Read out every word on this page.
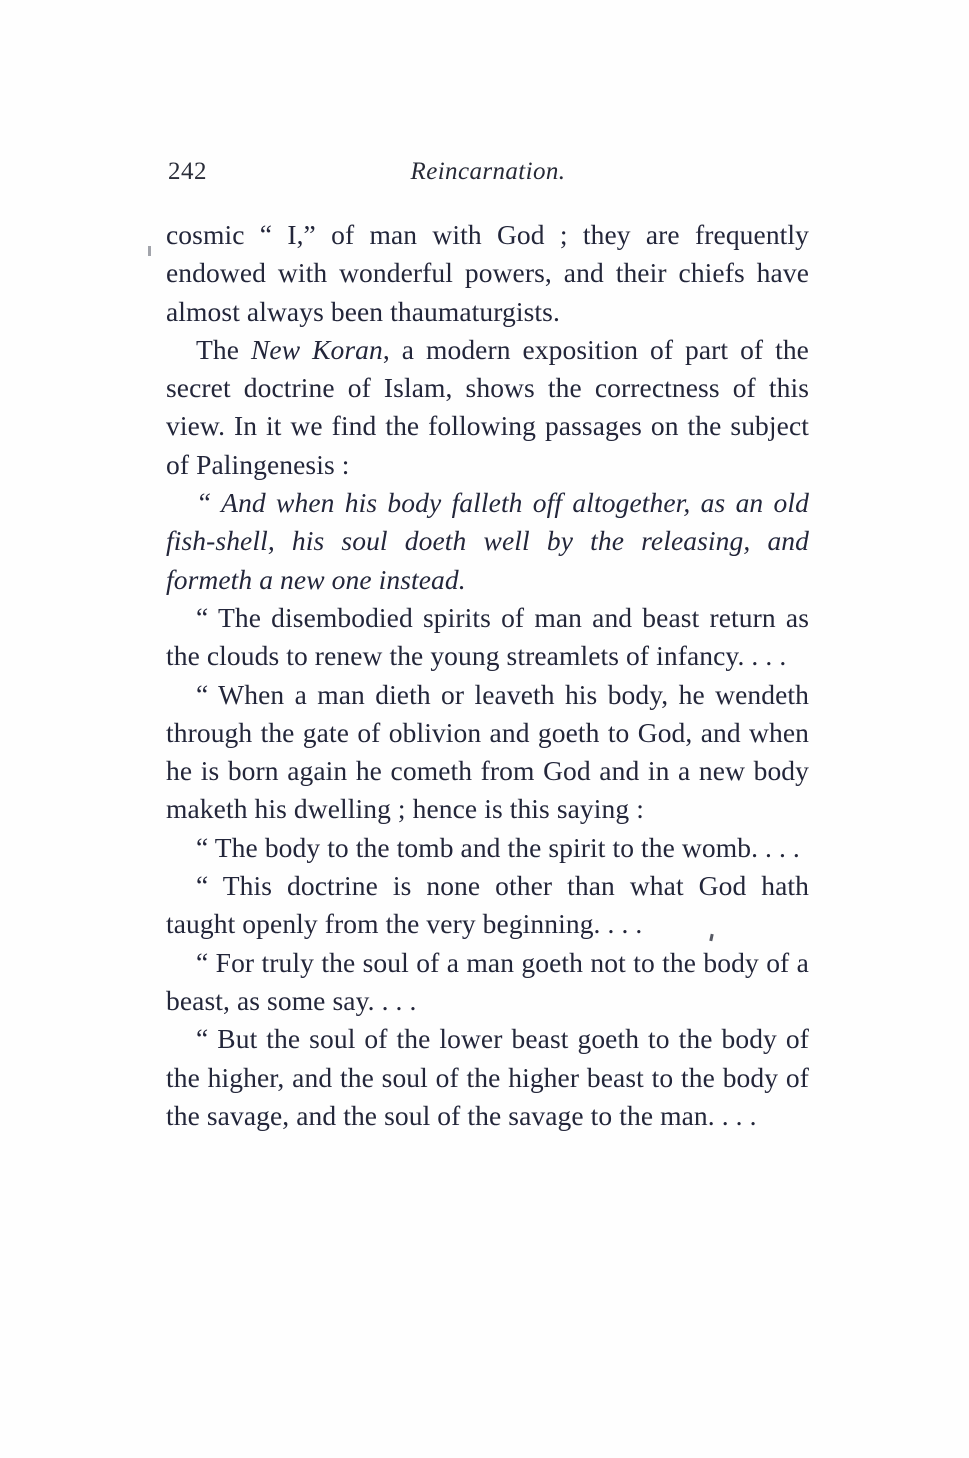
242	Reincarnation.

cosmic “ I,” of man with God ; they are frequently endowed with wonderful powers, and their chiefs have almost always been thaumaturgists.

The New Koran, a modern exposition of part of the secret doctrine of Islam, shows the correctness of this view. In it we find the following passages on the subject of Palingenesis :

“ And when his body falleth off altogether, as an old fish-shell, his soul doeth well by the releasing, and formeth a new one instead.

“ The disembodied spirits of man and beast return as the clouds to renew the young streamlets of infancy. . . .

“ When a man dieth or leaveth his body, he wendeth through the gate of oblivion and goeth to God, and when he is born again he cometh from God and in a new body maketh his dwelling ; hence is this saying :

“ The body to the tomb and the spirit to the womb. . . .

“ This doctrine is none other than what God hath taught openly from the very beginning. . . .

“ For truly the soul of a man goeth not to the body of a beast, as some say. . . .

“ But the soul of the lower beast goeth to the body of the higher, and the soul of the higher beast to the body of the savage, and the soul of the savage to the man. . . .
